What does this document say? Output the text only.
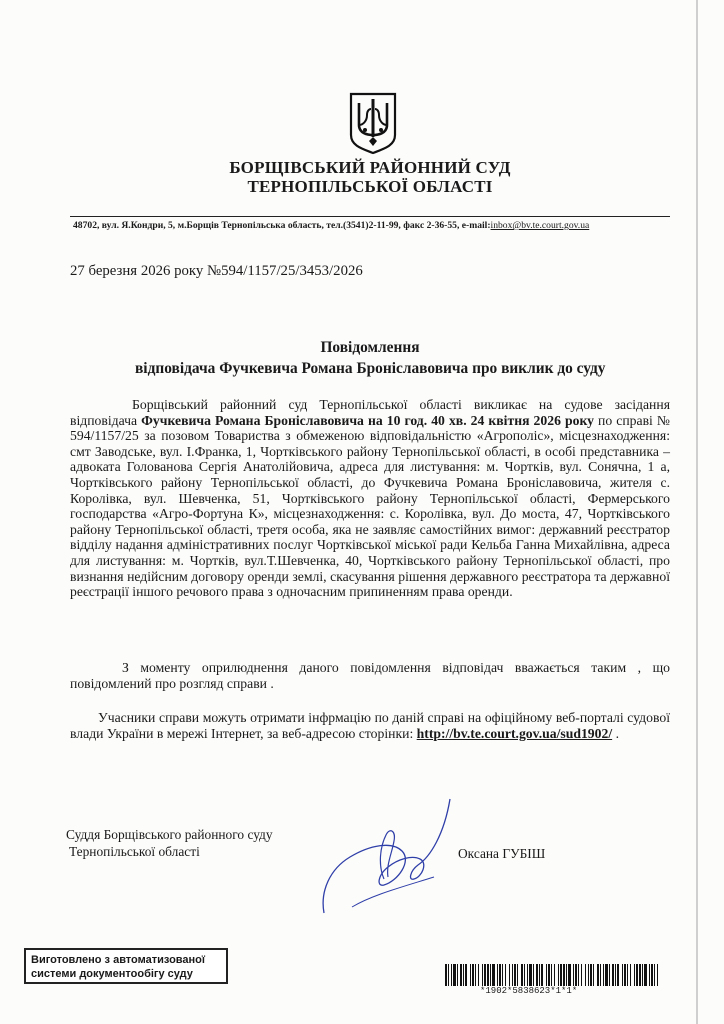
БОРЩІВСЬКИЙ РАЙОННИЙ СУД
ТЕРНОПІЛЬСЬКОЇ ОБЛАСТІ
48702, вул. Я.Кондри, 5, м.Борщів Тернопільська область, тел.(3541)2-11-99, факс 2-36-55, e-mail:inbox@bv.te.court.gov.ua
27 березня 2026 року №594/1157/25/3453/2026
Повідомлення
відповідача Фучкевича Романа Броніславовича про виклик до суду

Борщівський районний суд Тернопільської області викликає на судове засідання відповідача Фучкевича Романа Броніславовича на 10 год. 40 хв. 24 квітня 2026 року по справі № 594/1157/25 за позовом Товариства з обмеженою відповідальністю «Агрополіс», місцезнаходження: смт Заводське, вул. І.Франка, 1, Чортківського району Тернопільської області, в особі представника – адвоката Голованова Сергія Анатолійовича, адреса для листування: м. Чортків, вул. Сонячна, 1 а, Чортківського району Тернопільської області, до Фучкевича Романа Броніславовича, жителя с. Королівка, вул. Шевченка, 51, Чортківського району Тернопільської області, Фермерського господарства «Агро-Фортуна К», місцезнаходження: с. Королівка, вул. До моста, 47, Чортківського району Тернопільської області, третя особа, яка не заявляє самостійних вимог: державний реєстратор відділу надання адміністративних послуг Чортківської міської ради Кельба Ганна Михайлівна, адреса для листування: м. Чортків, вул.Т.Шевченка, 40, Чортківського району Тернопільської області, про визнання недійсним договору оренди землі, скасування рішення державного реєстратора та державної реєстрації іншого речового права з одночасним припиненням права оренди.

З моменту оприлюднення даного повідомлення відповідач вважається таким , що повідомлений про розгляд справи .

Учасники справи можуть отримати інфрмацію по даній справі на офіційному веб-порталі судової влади України в мережі Інтернет, за веб-адресою сторінки: http://bv.te.court.gov.ua/sud1902/ .

Суддя Борщівського районного суду
Тернопільської області	Оксана ГУБІШ
Виготовлено з автоматизованої
системи документообігу суду
*1902*5838623*1*1*
